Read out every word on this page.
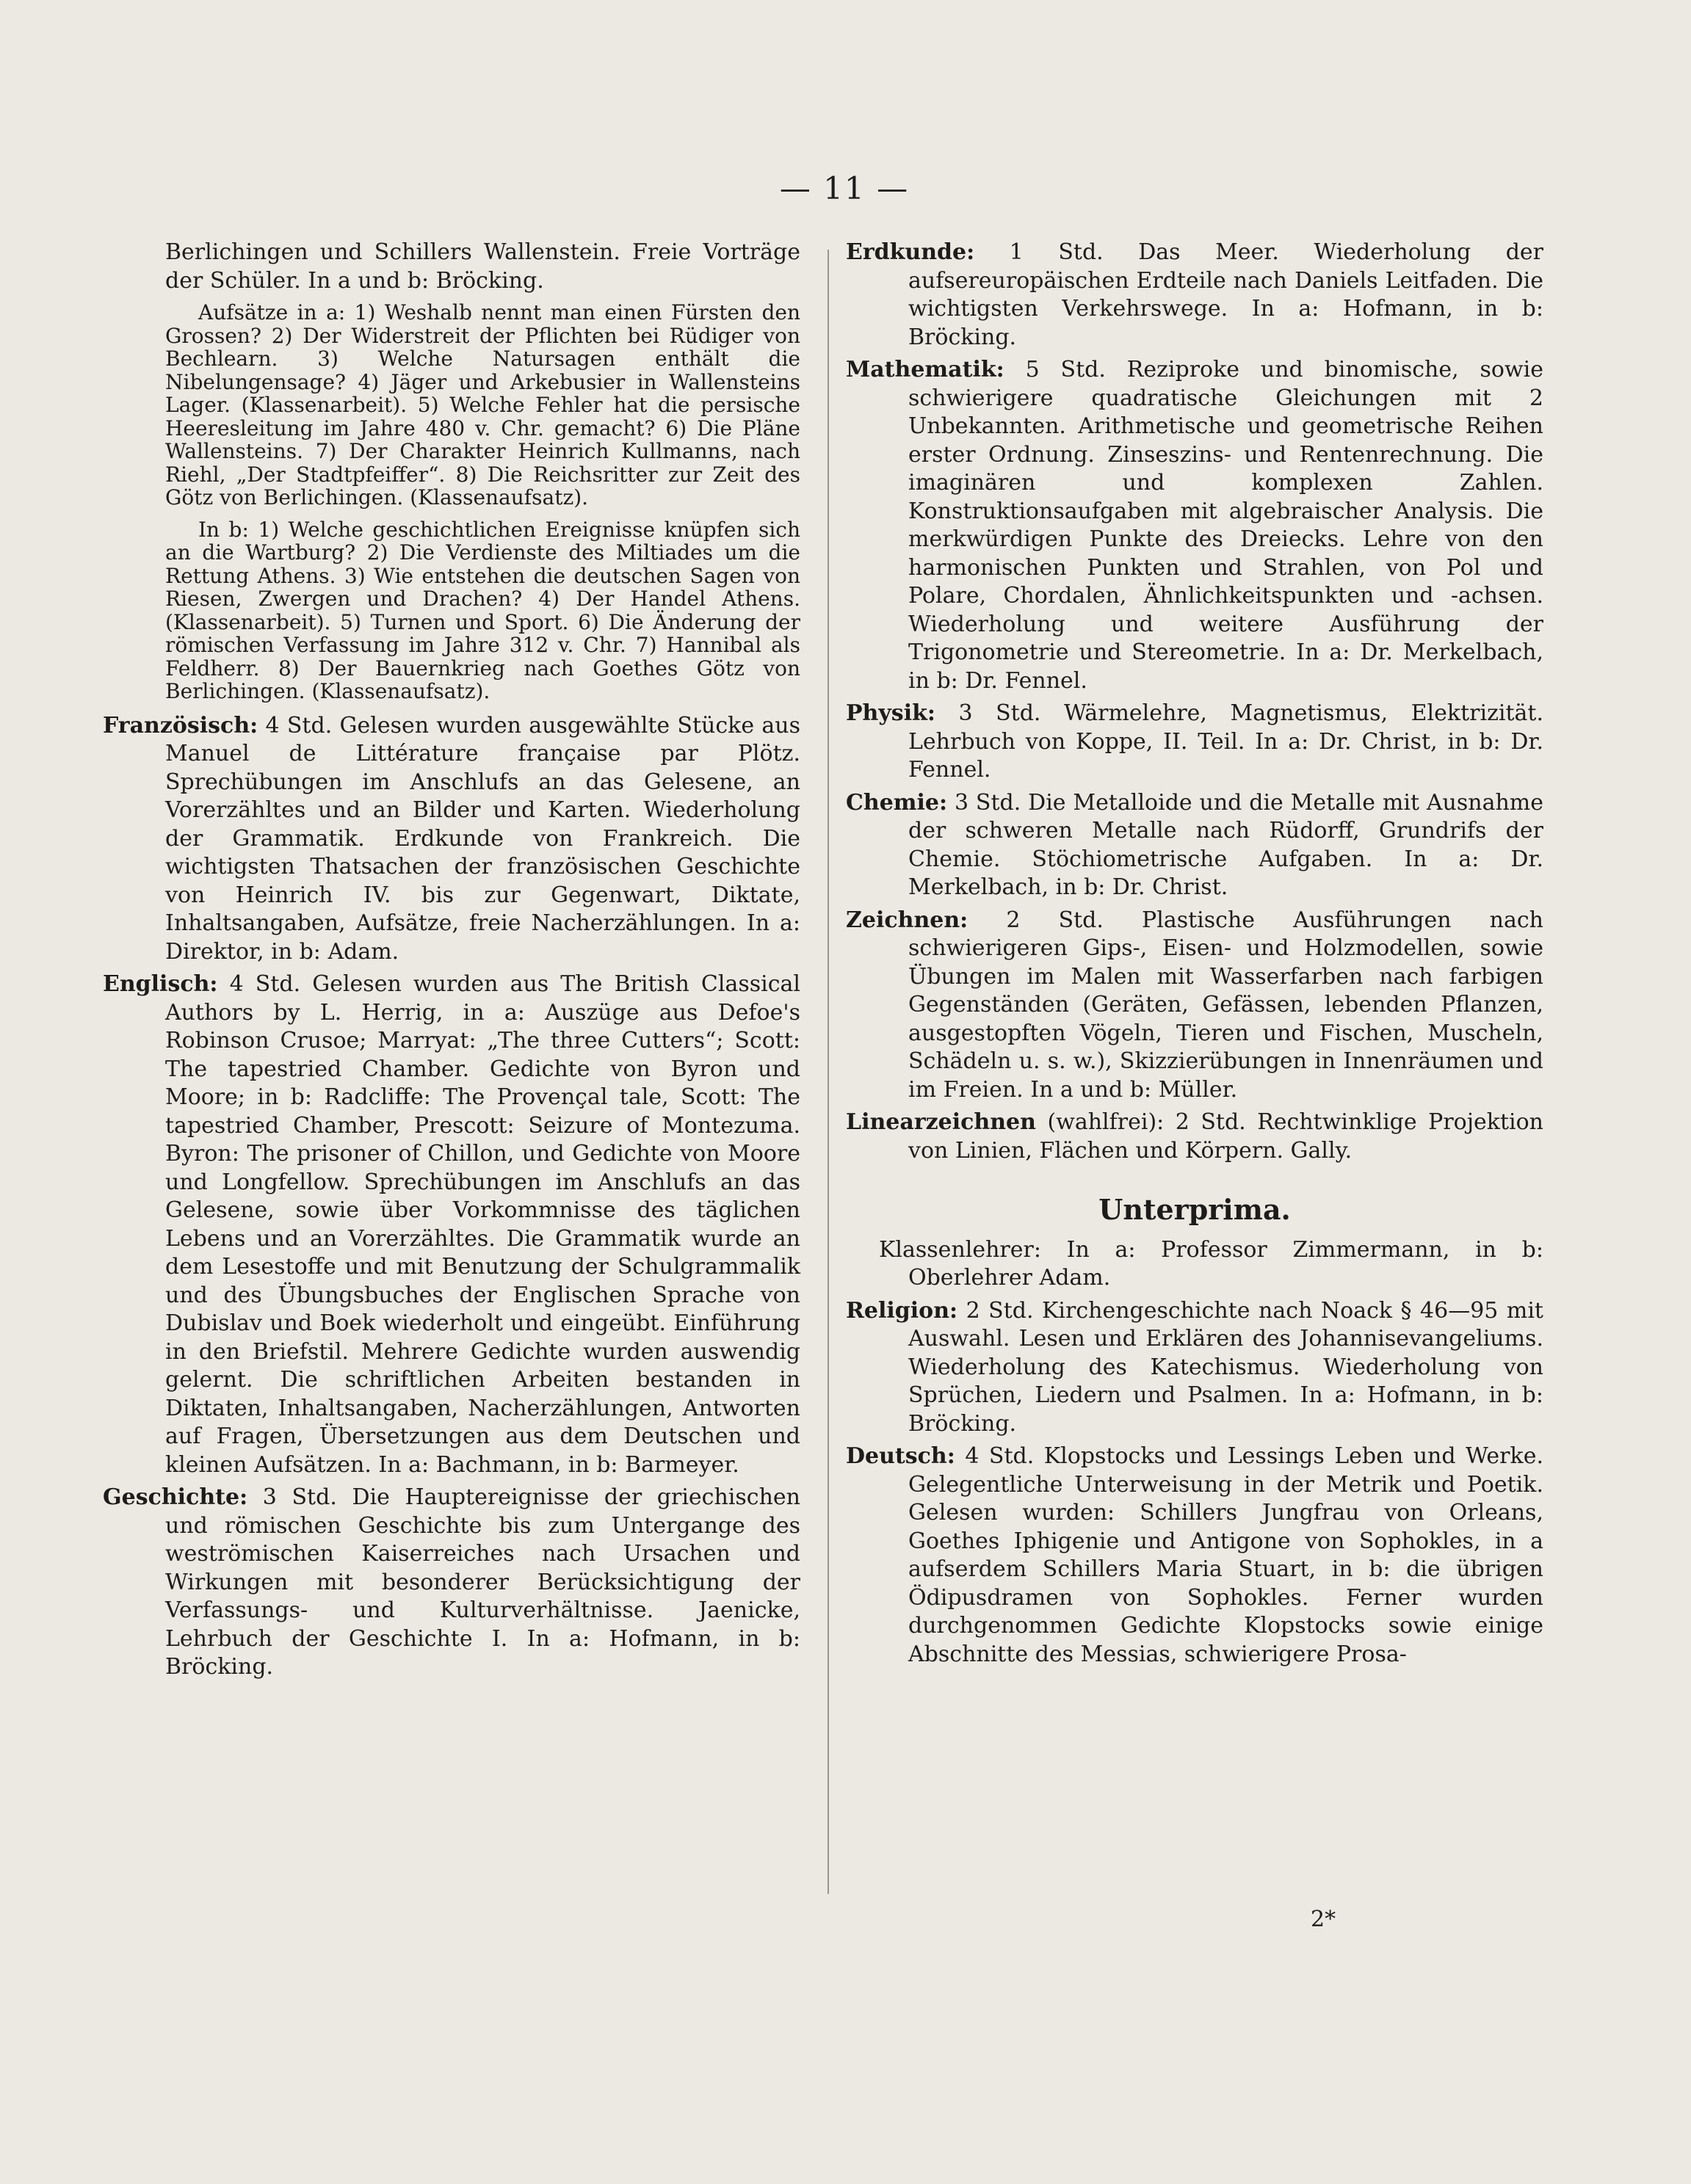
— 11 —

Berlichingen und Schillers Wallenstein. Freie Vorträge der Schüler. In a und b: Bröcking.

Aufsätze in a: 1) Weshalb nennt man einen Fürsten den Grossen? 2) Der Widerstreit der Pflichten bei Rüdiger von Bechlearn. 3) Welche Natursagen enthält die Nibelungensage? 4) Jäger und Arkebusier in Wallensteins Lager. (Klassenarbeit). 5) Welche Fehler hat die persische Heeresleitung im Jahre 480 v. Chr. gemacht? 6) Die Pläne Wallensteins. 7) Der Charakter Heinrich Kullmanns, nach Riehl, „Der Stadtpfeiffer“. 8) Die Reichsritter zur Zeit des Götz von Berlichingen. (Klassenaufsatz).

In b: 1) Welche geschichtlichen Ereignisse knüpfen sich an die Wartburg? 2) Die Verdienste des Miltiades um die Rettung Athens. 3) Wie entstehen die deutschen Sagen von Riesen, Zwergen und Drachen? 4) Der Handel Athens. (Klassenarbeit). 5) Turnen und Sport. 6) Die Änderung der römischen Verfassung im Jahre 312 v. Chr. 7) Hannibal als Feldherr. 8) Der Bauernkrieg nach Goethes Götz von Berlichingen. (Klassenaufsatz).

Französisch: 4 Std. Gelesen wurden ausgewählte Stücke aus Manuel de Littérature française par Plötz. Sprechübungen im Anschlufs an das Gelesene, an Vorerzähltes und an Bilder und Karten. Wiederholung der Grammatik. Erdkunde von Frankreich. Die wichtigsten Thatsachen der französischen Geschichte von Heinrich IV. bis zur Gegenwart, Diktate, Inhaltsangaben, Aufsätze, freie Nacherzählungen. In a: Direktor, in b: Adam.

Englisch: 4 Std. Gelesen wurden aus The British Classical Authors by L. Herrig, in a: Auszüge aus Defoe's Robinson Crusoe; Marryat: „The three Cutters“; Scott: The tapestried Chamber. Gedichte von Byron und Moore; in b: Radcliffe: The Provençal tale, Scott: The tapestried Chamber, Prescott: Seizure of Montezuma. Byron: The prisoner of Chillon, und Gedichte von Moore und Longfellow. Sprechübungen im Anschlufs an das Gelesene, sowie über Vorkommnisse des täglichen Lebens und an Vorerzähltes. Die Grammatik wurde an dem Lesestoffe und mit Benutzung der Schulgrammalik und des Übungsbuches der Englischen Sprache von Dubislav und Boek wiederholt und eingeübt. Einführung in den Briefstil. Mehrere Gedichte wurden auswendig gelernt. Die schriftlichen Arbeiten bestanden in Diktaten, Inhaltsangaben, Nacherzählungen, Antworten auf Fragen, Übersetzungen aus dem Deutschen und kleinen Aufsätzen. In a: Bachmann, in b: Barmeyer.

Geschichte: 3 Std. Die Hauptereignisse der griechischen und römischen Geschichte bis zum Untergange des weströmischen Kaiserreiches nach Ursachen und Wirkungen mit besonderer Berücksichtigung der Verfassungs- und Kulturverhältnisse. Jaenicke, Lehrbuch der Geschichte I. In a: Hofmann, in b: Bröcking.

Erdkunde: 1 Std. Das Meer. Wiederholung der aufsereuropäischen Erdteile nach Daniels Leitfaden. Die wichtigsten Verkehrswege. In a: Hofmann, in b: Bröcking.

Mathematik: 5 Std. Reziproke und binomische, sowie schwierigere quadratische Gleichungen mit 2 Unbekannten. Arithmetische und geometrische Reihen erster Ordnung. Zinseszins- und Rentenrechnung. Die imaginären und komplexen Zahlen. Konstruktionsaufgaben mit algebraischer Analysis. Die merkwürdigen Punkte des Dreiecks. Lehre von den harmonischen Punkten und Strahlen, von Pol und Polare, Chordalen, Ähnlichkeitspunkten und -achsen. Wiederholung und weitere Ausführung der Trigonometrie und Stereometrie. In a: Dr. Merkelbach, in b: Dr. Fennel.

Physik: 3 Std. Wärmelehre, Magnetismus, Elektrizität. Lehrbuch von Koppe, II. Teil. In a: Dr. Christ, in b: Dr. Fennel.

Chemie: 3 Std. Die Metalloide und die Metalle mit Ausnahme der schweren Metalle nach Rüdorff, Grundrifs der Chemie. Stöchiometrische Aufgaben. In a: Dr. Merkelbach, in b: Dr. Christ.

Zeichnen: 2 Std. Plastische Ausführungen nach schwierigeren Gips-, Eisen- und Holzmodellen, sowie Übungen im Malen mit Wasserfarben nach farbigen Gegenständen (Geräten, Gefässen, lebenden Pflanzen, ausgestopften Vögeln, Tieren und Fischen, Muscheln, Schädeln u. s. w.), Skizzierübungen in Innenräumen und im Freien. In a und b: Müller.

Linearzeichnen (wahlfrei): 2 Std. Rechtwinklige Projektion von Linien, Flächen und Körpern. Gally.

Unterprima.

Klassenlehrer: In a: Professor Zimmermann, in b: Oberlehrer Adam.

Religion: 2 Std. Kirchengeschichte nach Noack § 46—95 mit Auswahl. Lesen und Erklären des Johannisevangeliums. Wiederholung des Katechismus. Wiederholung von Sprüchen, Liedern und Psalmen. In a: Hofmann, in b: Bröcking.

Deutsch: 4 Std. Klopstocks und Lessings Leben und Werke. Gelegentliche Unterweisung in der Metrik und Poetik. Gelesen wurden: Schillers Jungfrau von Orleans, Goethes Iphigenie und Antigone von Sophokles, in a aufserdem Schillers Maria Stuart, in b: die übrigen Ödipusdramen von Sophokles. Ferner wurden durchgenommen Gedichte Klopstocks sowie einige Abschnitte des Messias, schwierigere Prosa-

2*
